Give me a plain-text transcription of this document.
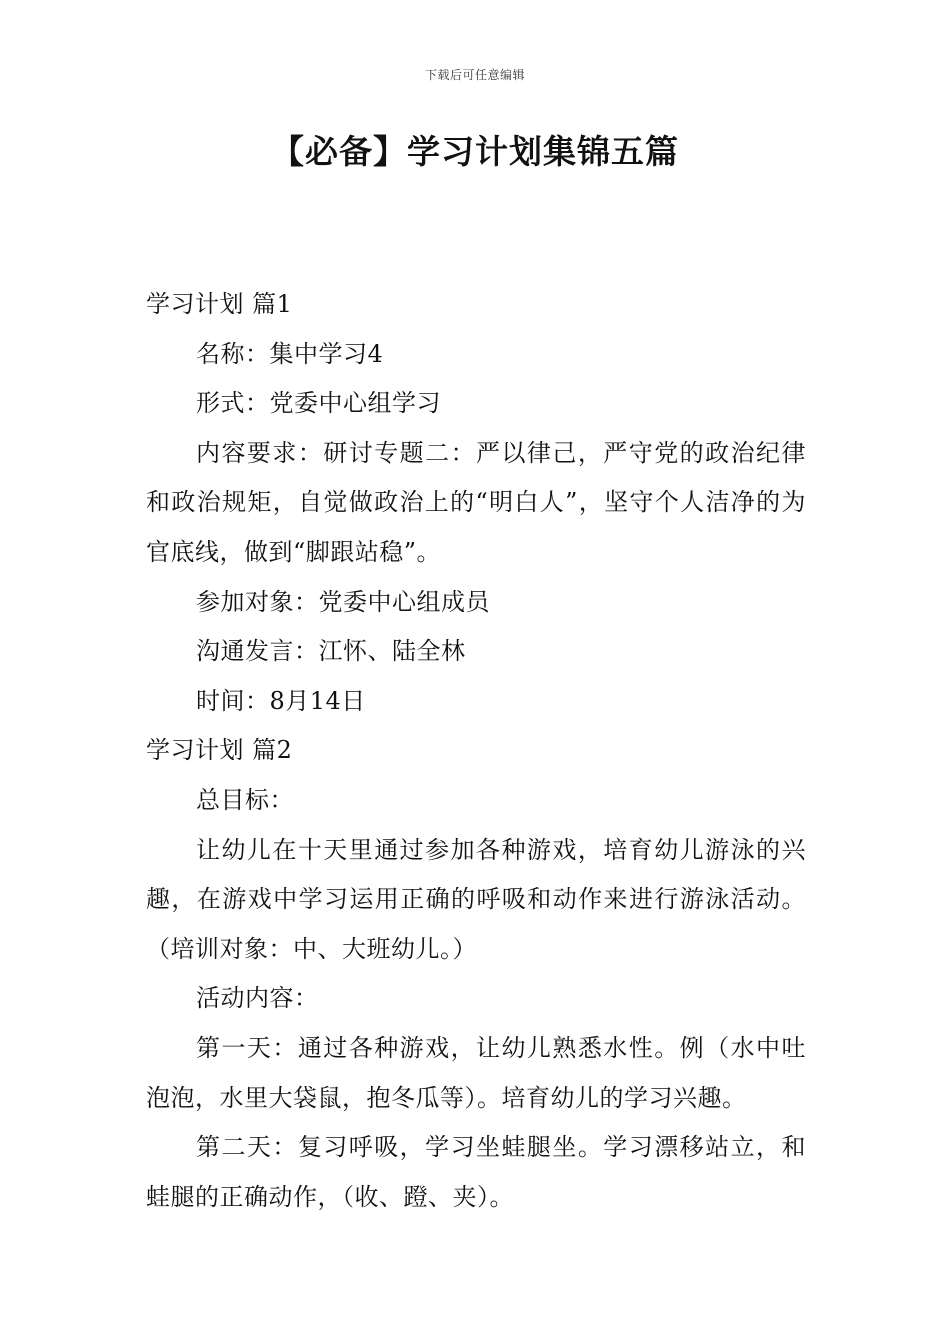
下载后可任意编辑
【必备】学习计划集锦五篇

学习计划 篇1

名称：集中学习4

形式：党委中心组学习

内容要求：研讨专题二：严以律己，严守党的政治纪律和政治规矩，自觉做政治上的“明白人”，坚守个人洁净的为官底线，做到“脚跟站稳”。

参加对象：党委中心组成员

沟通发言：江怀、陆全林

时间：8月14日

学习计划 篇2

总目标：

让幼儿在十天里通过参加各种游戏，培育幼儿游泳的兴趣，在游戏中学习运用正确的呼吸和动作来进行游泳活动。（培训对象：中、大班幼儿。）

活动内容：

第一天：通过各种游戏，让幼儿熟悉水性。例（水中吐泡泡，水里大袋鼠，抱冬瓜等）。培育幼儿的学习兴趣。

第二天：复习呼吸，学习坐蛙腿坐。学习漂移站立，和蛙腿的正确动作，（收、蹬、夹）。
